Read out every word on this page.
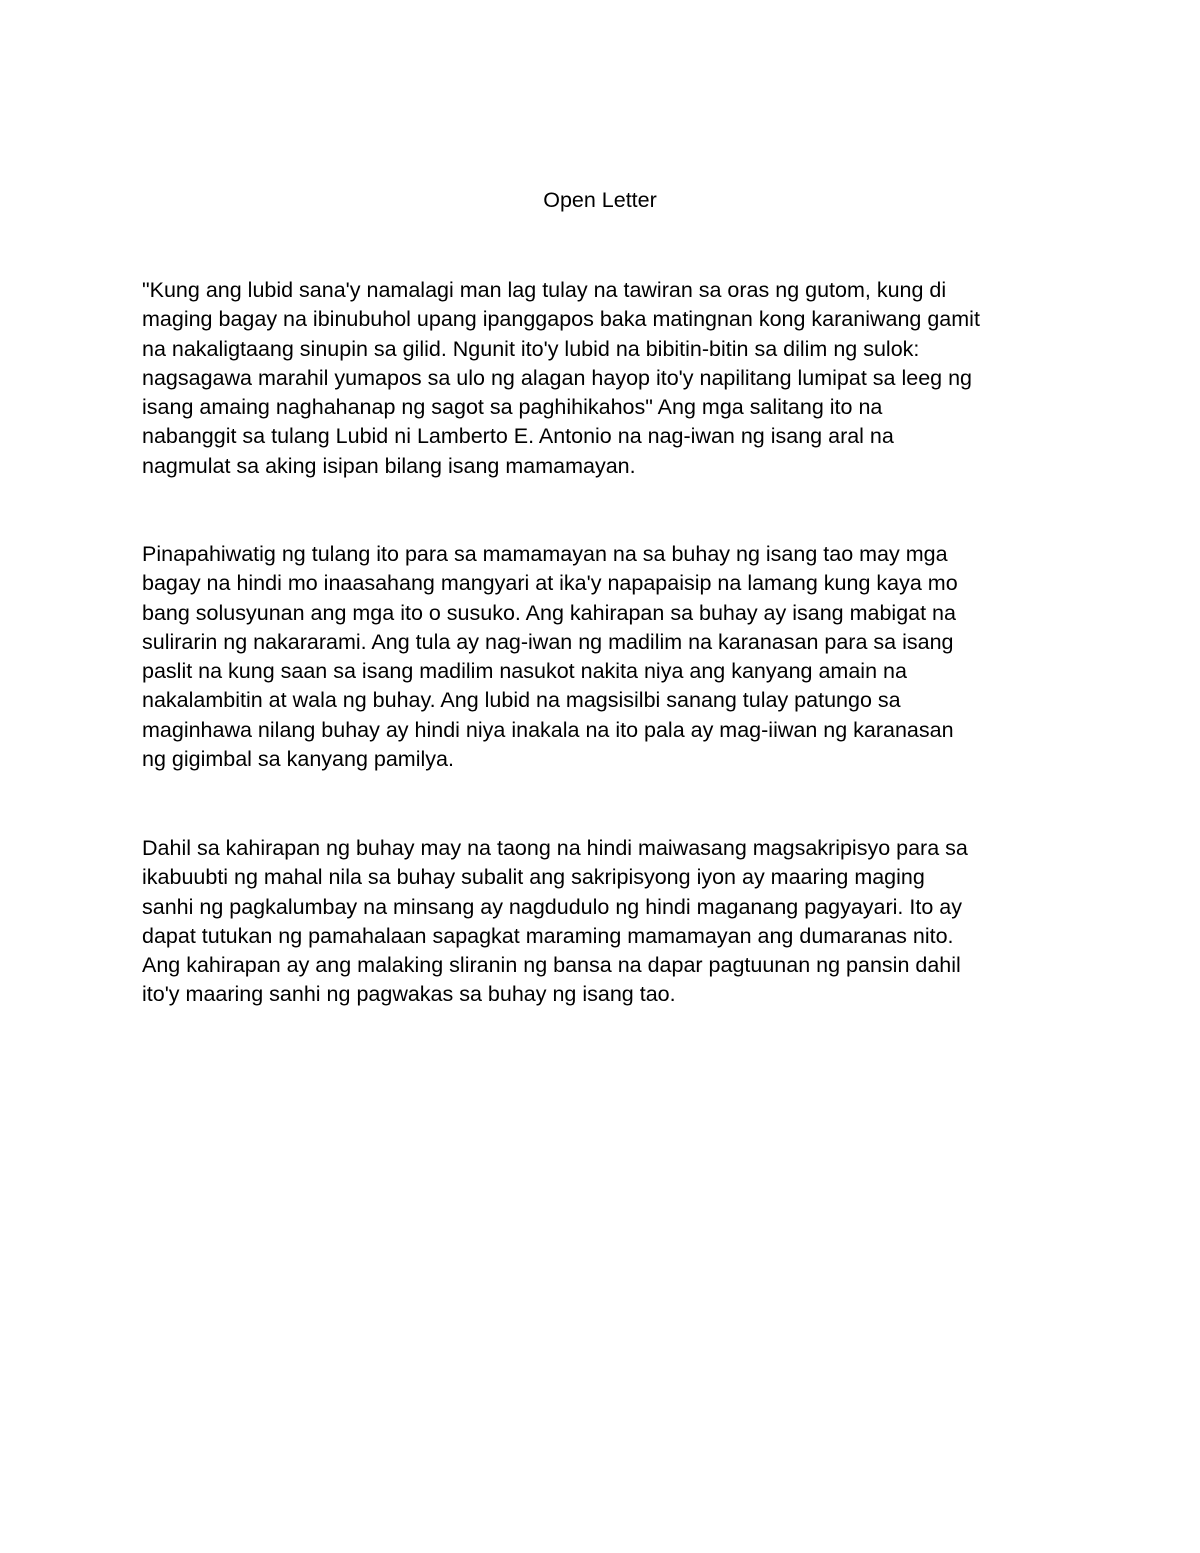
Open Letter
"Kung ang lubid sana'y namalagi man lag tulay na tawiran sa oras ng gutom, kung di
maging bagay na ibinubuhol upang ipanggapos baka matingnan kong karaniwang gamit
na nakaligtaang sinupin sa gilid. Ngunit ito'y lubid na bibitin-bitin sa dilim ng sulok:
nagsagawa marahil yumapos sa ulo ng alagan hayop ito'y napilitang lumipat sa leeg ng
isang amaing naghahanap ng sagot sa paghihikahos" Ang mga salitang ito na
nabanggit sa tulang Lubid ni Lamberto E. Antonio na nag-iwan ng isang aral na
nagmulat sa aking isipan bilang isang mamamayan.
Pinapahiwatig ng tulang ito para sa mamamayan na sa buhay ng isang tao may mga
bagay na hindi mo inaasahang mangyari at ika'y napapaisip na lamang kung kaya mo
bang solusyunan ang mga ito o susuko. Ang kahirapan sa buhay ay isang mabigat na
sulirarin ng nakararami. Ang tula ay nag-iwan ng madilim na karanasan para sa isang
paslit na kung saan sa isang madilim nasukot nakita niya ang kanyang amain na
nakalambitin at wala ng buhay. Ang lubid na magsisilbi sanang tulay patungo sa
maginhawa nilang buhay ay hindi niya inakala na ito pala ay mag-iiwan ng karanasan
ng gigimbal sa kanyang pamilya.
Dahil sa kahirapan ng buhay may na taong na hindi maiwasang magsakripisyo para sa
ikabuubti ng mahal nila sa buhay subalit ang sakripisyong iyon ay maaring maging
sanhi ng pagkalumbay na minsang ay nagdudulo ng hindi maganang pagyayari. Ito ay
dapat tutukan ng pamahalaan sapagkat maraming mamamayan ang dumaranas nito.
Ang kahirapan ay ang malaking sliranin ng bansa na dapar pagtuunan ng pansin dahil
ito'y maaring sanhi ng pagwakas sa buhay ng isang tao.
